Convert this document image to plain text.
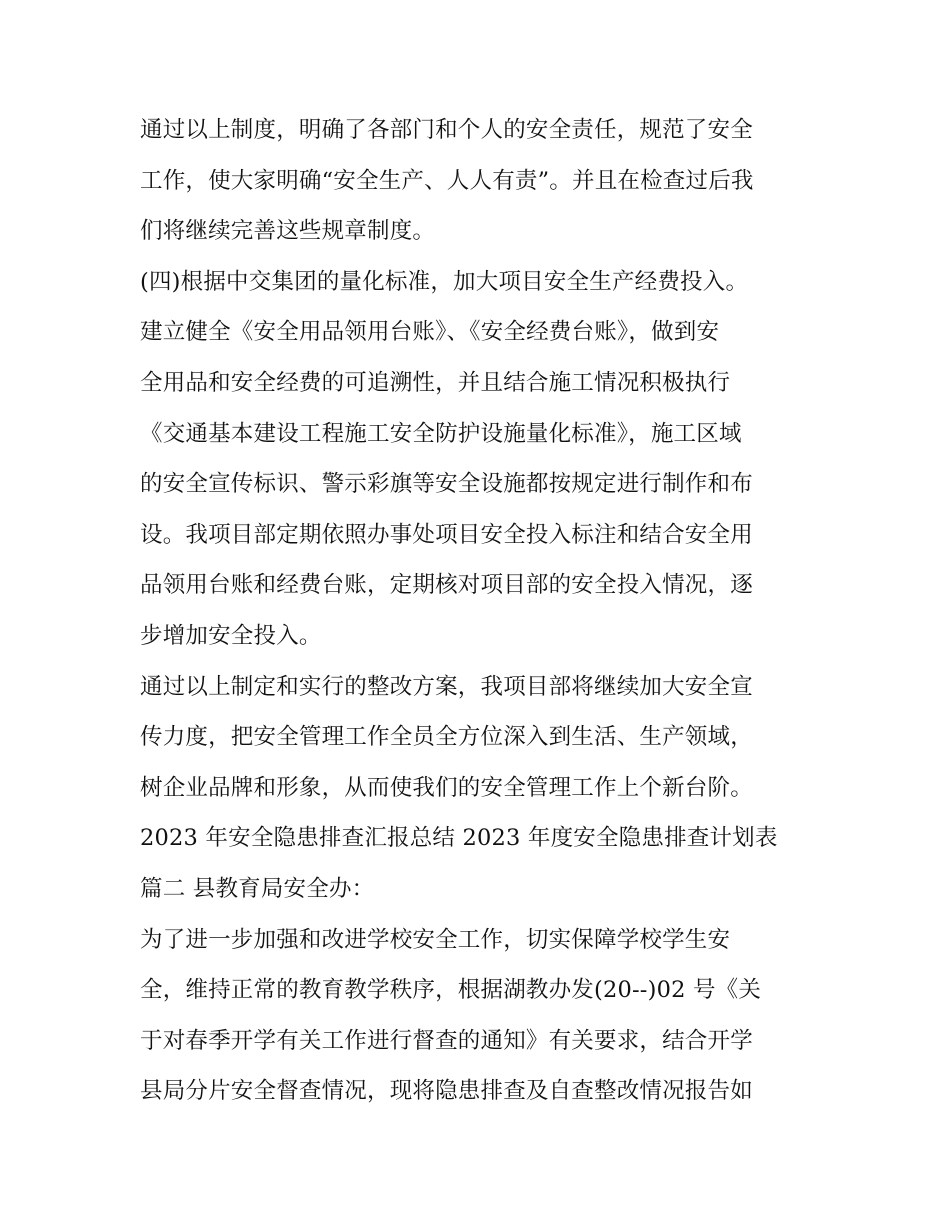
通过以上制度，明确了各部门和个人的安全责任，规范了安全
工作，使大家明确“安全生产、人人有责”。并且在检查过后我
们将继续完善这些规章制度。
(四)根据中交集团的量化标准，加大项目安全生产经费投入。
建立健全《安全用品领用台账》、《安全经费台账》，做到安
全用品和安全经费的可追溯性，并且结合施工情况积极执行
《交通基本建设工程施工安全防护设施量化标准》，施工区域
的安全宣传标识、警示彩旗等安全设施都按规定进行制作和布
设。我项目部定期依照办事处项目安全投入标注和结合安全用
品领用台账和经费台账，定期核对项目部的安全投入情况，逐
步增加安全投入。
通过以上制定和实行的整改方案，我项目部将继续加大安全宣
传力度，把安全管理工作全员全方位深入到生活、生产领域，
树企业品牌和形象，从而使我们的安全管理工作上个新台阶。
2023 年安全隐患排查汇报总结 2023 年度安全隐患排查计划表
篇二 县教育局安全办：
为了进一步加强和改进学校安全工作，切实保障学校学生安
全，维持正常的教育教学秩序，根据湖教办发(20--)02 号《关
于对春季开学有关工作进行督查的通知》有关要求，结合开学
县局分片安全督查情况，现将隐患排查及自查整改情况报告如
